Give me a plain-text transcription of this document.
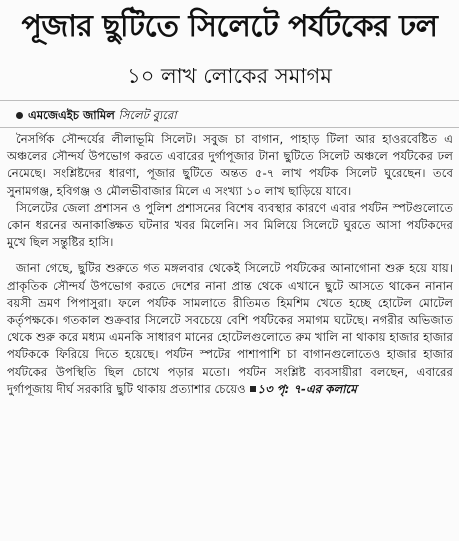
পূজার ছুটিতে সিলেটে পর্যটকের ঢল
১০ লাখ লোকের সমাগম
এমজেএইচ জামিল সিলেট ব্যুরো

নৈসর্গিক সৌন্দর্যের লীলাভূমি সিলেট। সবুজ চা বাগান, পাহাড় টিলা আর হাওরবেষ্টিত এ অঞ্চলের সৌন্দর্য উপভোগ করতে এবারের দুর্গাপূজার টানা ছুটিতে সিলেট অঞ্চলে পর্যটকের ঢল নেমেছে। সংশ্লিষ্টদের ধারণা, পূজার ছুটিতে অন্তত ৫-৭ লাখ পর্যটক সিলেট ঘুরেছেন। তবে সুনামগঞ্জ, হবিগঞ্জ ও মৌলভীবাজার মিলে এ সংখ্যা ১০ লাখ ছাড়িয়ে যাবে।

সিলেটের জেলা প্রশাসন ও পুলিশ প্রশাসনের বিশেষ ব্যবস্থার কারণে এবার পর্যটন স্পটগুলোতে কোন ধরনের অনাকাঙ্ক্ষিত ঘটনার খবর মিলেনি। সব মিলিয়ে সিলেটে ঘুরতে আসা পর্যটকদের মুখে ছিল সন্তুষ্টির হাসি।

জানা গেছে, ছুটির শুরুতে গত মঙ্গলবার থেকেই সিলেটে পর্যটকের আনাগোনা শুরু হয়ে যায়। প্রাকৃতিক সৌন্দর্য উপভোগ করতে দেশের নানা প্রান্ত থেকে এখানে ছুটে আসতে থাকেন নানান বয়সী ভ্রমণ পিপাসুরা। ফলে পর্যটক সামলাতে রীতিমত হিমশিম খেতে হচ্ছে হোটেল মোটেল কর্তৃপক্ষকে। গতকাল শুক্রবার সিলেটে সবচেয়ে বেশি পর্যটকের সমাগম ঘটেছে। নগরীর অভিজাত থেকে শুরু করে মধ্যম এমনকি সাধারণ মানের হোটেলগুলোতে রুম খালি না থাকায় হাজার হাজার পর্যটককে ফিরিয়ে দিতে হয়েছে। পর্যটন স্পটের পাশাপাশি চা বাগানগুলোতেও হাজার হাজার পর্যটকের উপস্থিতি ছিল চোখে পড়ার মতো। পর্যটন সংশ্লিষ্ট ব্যবসায়ীরা বলছেন, এবারের দুর্গাপূজায় দীর্ঘ সরকারি ছুটি থাকায় প্রত্যাশার চেয়েও ১৩ পৃ: ৭-এর কলামে
